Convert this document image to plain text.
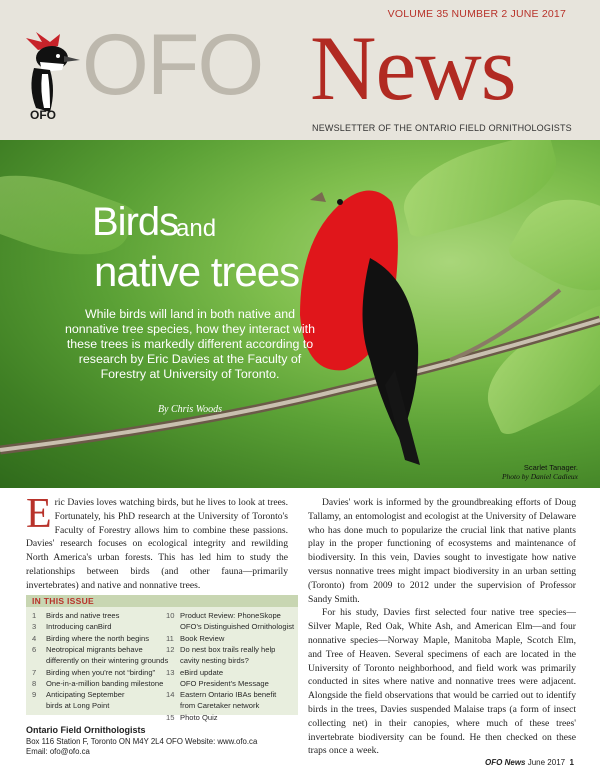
VOLUME 35 NUMBER 2 JUNE 2017
OFO
OFO News
NEWSLETTER OF THE ONTARIO FIELD ORNITHOLOGISTS
Birds
and
native trees
While birds will land in both native and nonnative tree species, how they interact with these trees is markedly different according to research by Eric Davies at the Faculty of Forestry at University of Toronto.
By Chris Woods
Scarlet Tanager.
Photo by Daniel Cadieux
Eric Davies loves watching birds, but he lives to look at trees. Fortunately, his PhD research at the University of Toronto's Faculty of Forestry allows him to combine these passions. Davies' research focuses on ecological integrity and rewilding North America's urban forests. This has led him to study the relationships between birds (and other fauna—primarily invertebrates) and native and nonnative trees.

Davies' work is informed by the groundbreaking efforts of Doug Tallamy, an entomologist and ecologist at the University of Delaware who has done much to popularize the crucial link that native plants play in the proper functioning of ecosystems and maintenance of biodiversity. In this vein, Davies sought to investigate how native versus nonnative trees might impact biodiversity in an urban setting (Toronto) from 2009 to 2012 under the supervision of Professor Sandy Smith.

For his study, Davies first selected four native tree species—Silver Maple, Red Oak, White Ash, and American Elm—and four nonnative species—Norway Maple, Manitoba Maple, Scotch Elm, and Tree of Heaven. Several specimens of each are located in the University of Toronto neighborhood, and field work was primarily conducted in sites where native and nonnative trees were adjacent. Alongside the field observations that would be carried out to identify birds in the trees, Davies suspended Malaise traps (a form of insect collecting net) in their canopies, where much of these trees' invertebrate biodiversity can be found. He then checked on these traps once a week.

IN THIS ISSUE
1 Birds and native trees
3 Introducing canBird
4 Birding where the north begins
6 Neotropical migrants behave
differently on their wintering grounds
7 Birding when you're not “birding”
8 One-in-a-million banding milestone
9 Anticipating September
birds at Long Point
10 Product Review: PhoneSkope
OFO's Distinguished Ornithologist
11 Book Review
12 Do nest box trails really help
cavity nesting birds?
13 eBird update
OFO President's Message
14 Eastern Ontario IBAs benefit
from Caretaker network
15 Photo Quiz
Ontario Field Ornithologists
Box 116 Station F, Toronto ON M4Y 2L4 OFO Website: www.ofo.ca
Email: ofo@ofo.ca
OFO News June 2017 1
